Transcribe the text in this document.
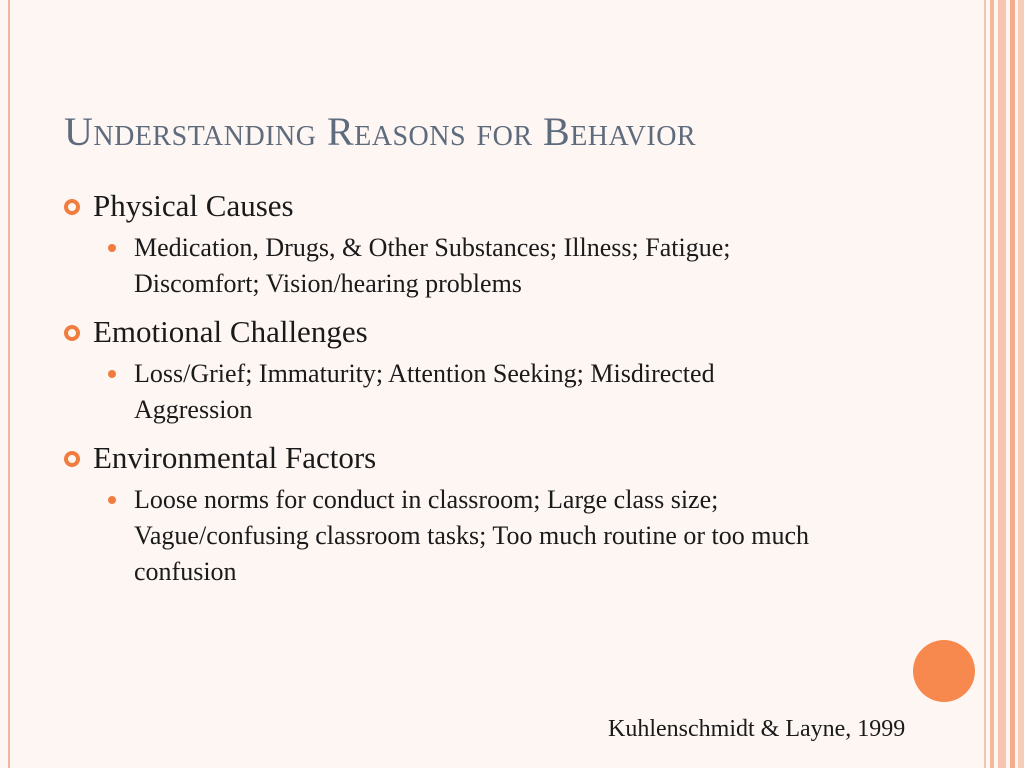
Understanding Reasons for Behavior
Physical Causes
Medication, Drugs, & Other Substances; Illness; Fatigue; Discomfort; Vision/hearing problems
Emotional Challenges
Loss/Grief; Immaturity; Attention Seeking; Misdirected Aggression
Environmental Factors
Loose norms for conduct in classroom; Large class size; Vague/confusing classroom tasks; Too much routine or too much confusion
Kuhlenschmidt & Layne, 1999
